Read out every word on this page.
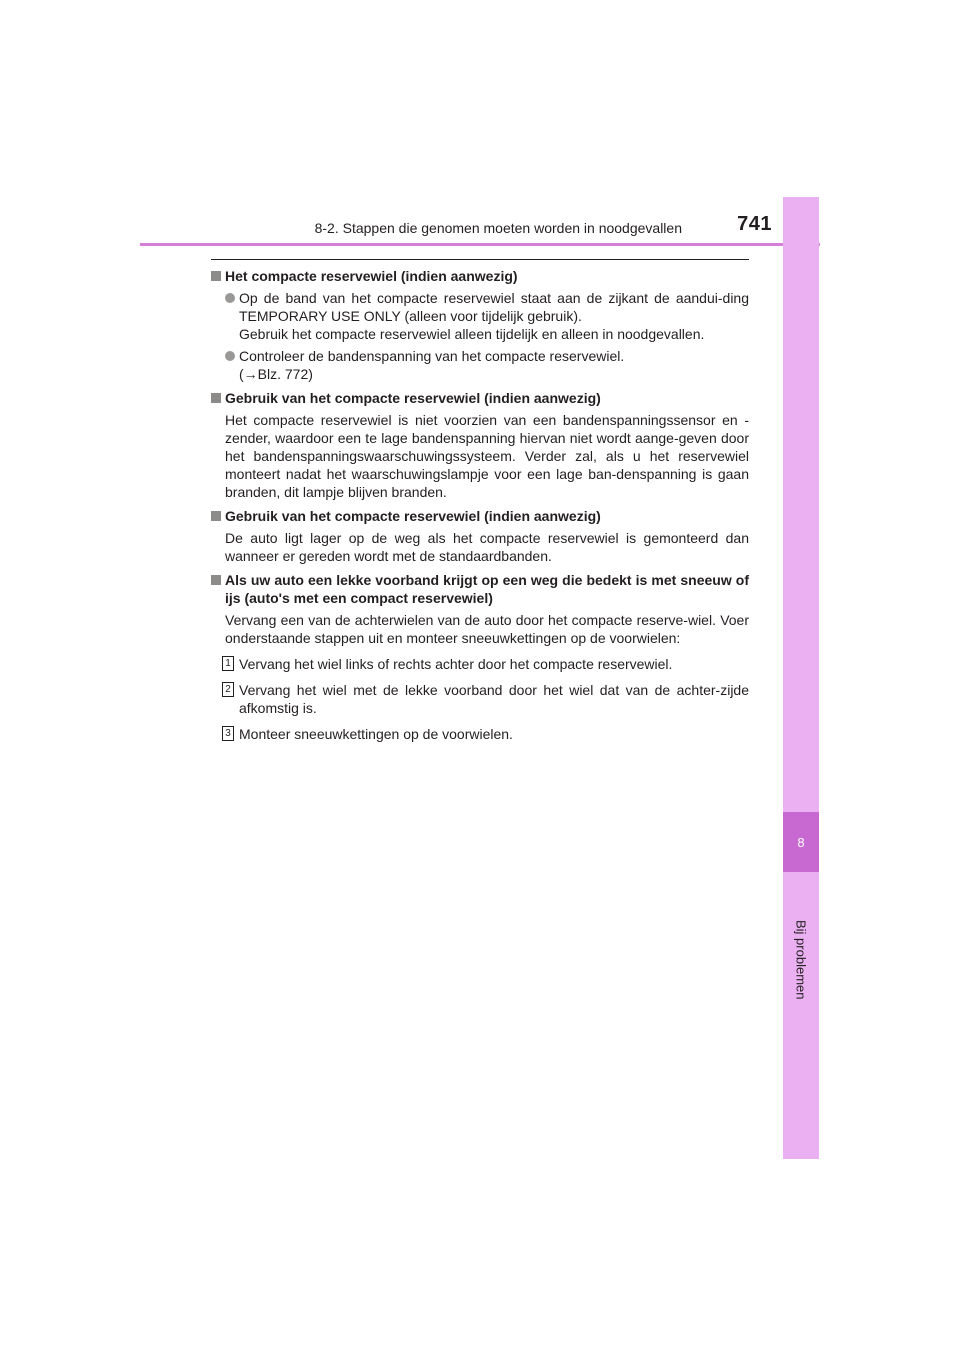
8-2. Stappen die genomen moeten worden in noodgevallen	741
8
Bij problemen
Het compacte reservewiel (indien aanwezig)
Op de band van het compacte reservewiel staat aan de zijkant de aandui-ding TEMPORARY USE ONLY (alleen voor tijdelijk gebruik).
Gebruik het compacte reservewiel alleen tijdelijk en alleen in noodgevallen.
Controleer de bandenspanning van het compacte reservewiel.
(→Blz. 772)
Gebruik van het compacte reservewiel (indien aanwezig)
Het compacte reservewiel is niet voorzien van een bandenspanningssensor en -zender, waardoor een te lage bandenspanning hiervan niet wordt aange-geven door het bandenspanningswaarschuwingssysteem. Verder zal, als u het reservewiel monteert nadat het waarschuwingslampje voor een lage ban-denspanning is gaan branden, dit lampje blijven branden.
Gebruik van het compacte reservewiel (indien aanwezig)
De auto ligt lager op de weg als het compacte reservewiel is gemonteerd dan wanneer er gereden wordt met de standaardbanden.
Als uw auto een lekke voorband krijgt op een weg die bedekt is met sneeuw of ijs (auto's met een compact reservewiel)
Vervang een van de achterwielen van de auto door het compacte reserve-wiel. Voer onderstaande stappen uit en monteer sneeuwkettingen op de voorwielen:
1 Vervang het wiel links of rechts achter door het compacte reservewiel.
2 Vervang het wiel met de lekke voorband door het wiel dat van de achter-zijde afkomstig is.
3 Monteer sneeuwkettingen op de voorwielen.
